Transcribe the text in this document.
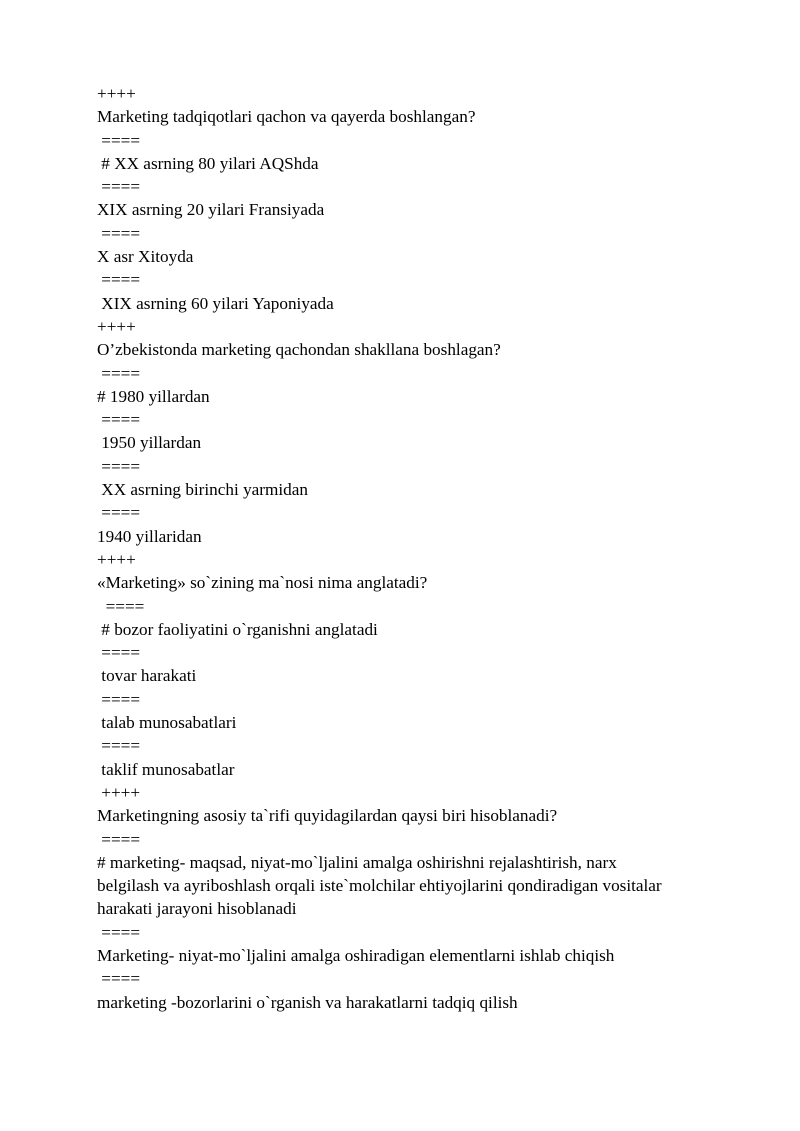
++++
Marketing tadqiqotlari qachon va qayerda boshlangan?
====
# XX asrning 80 yilari AQShda
====
XIX asrning 20 yilari Fransiyada
====
X asr Xitoyda
====
XIX asrning 60 yilari Yaponiyada
++++
O’zbekistonda marketing qachondan shakllana boshlagan?
====
# 1980 yillardan
====
1950 yillardan
====
XX asrning birinchi yarmidan
====
1940 yillaridan
++++
«Marketing» so`zining ma`nosi nima anglatadi?
====
# bozor faoliyatini o`rganishni anglatadi
====
tovar harakati
====
talab munosabatlari
====
taklif munosabatlar
++++
Marketingning asosiy ta`rifi quyidagilardan qaysi biri hisoblanadi?
====
# marketing- maqsad, niyat-mo`ljalini amalga oshirishni rejalashtirish, narx belgilash va ayriboshlash orqali iste`molchilar ehtiyojlarini qondiradigan vositalar harakati jarayoni hisoblanadi
====
Marketing- niyat-mo`ljalini amalga oshiradigan elementlarni ishlab chiqish
====
marketing -bozorlarini o`rganish va harakatlarni tadqiq qilish
